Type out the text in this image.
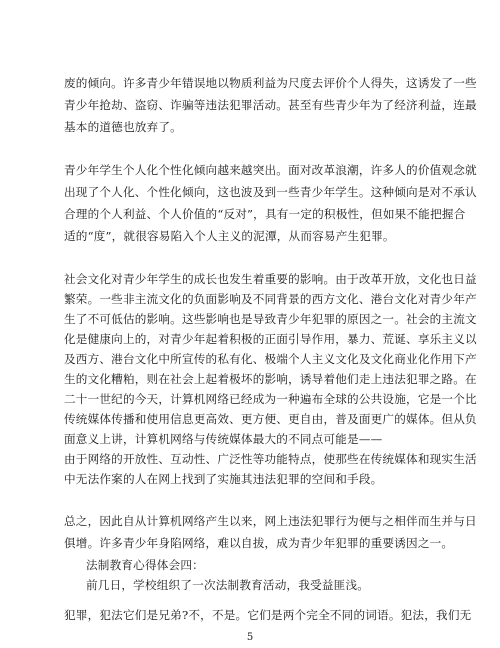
废的倾向。许多青少年错误地以物质利益为尺度去评价个人得失，这诱发了一些
青少年抢劫、盗窃、诈骗等违法犯罪活动。甚至有些青少年为了经济利益，连最
基本的道德也放弃了。
青少年学生个人化个性化倾向越来越突出。面对改革浪潮，许多人的价值观念就
出现了个人化、个性化倾向，这也波及到一些青少年学生。这种倾向是对不承认
合理的个人利益、个人价值的“反对”，具有一定的积极性，但如果不能把握合
适的“度”，就很容易陷入个人主义的泥潭，从而容易产生犯罪。
社会文化对青少年学生的成长也发生着重要的影响。由于改革开放，文化也日益
繁荣。一些非主流文化的负面影响及不同背景的西方文化、港台文化对青少年产
生了不可低估的影响。这些影响也是导致青少年犯罪的原因之一。社会的主流文
化是健康向上的，对青少年起着积极的正面引导作用，暴力、荒诞、享乐主义以
及西方、港台文化中所宣传的私有化、极端个人主义文化及文化商业化作用下产
生的文化糟粕，则在社会上起着极坏的影响，诱导着他们走上违法犯罪之路。在
二十一世纪的今天，计算机网络已经成为一种遍布全球的公共设施，它是一个比
传统媒体传播和使用信息更高效、更方便、更自由，普及面更广的媒体。但从负
面意义上讲，计算机网络与传统媒体最大的不同点可能是——
由于网络的开放性、互动性、广泛性等功能特点，使那些在传统媒体和现实生活
中无法作案的人在网上找到了实施其违法犯罪的空间和手段。
总之，因此自从计算机网络产生以来，网上违法犯罪行为便与之相伴而生并与日
俱增。许多青少年身陷网络，难以自拔，成为青少年犯罪的重要诱因之一。
法制教育心得体会四：
前几日，学校组织了一次法制教育活动，我受益匪浅。
犯罪，犯法它们是兄弟?不，不是。它们是两个完全不同的词语。犯法，我们无
5
